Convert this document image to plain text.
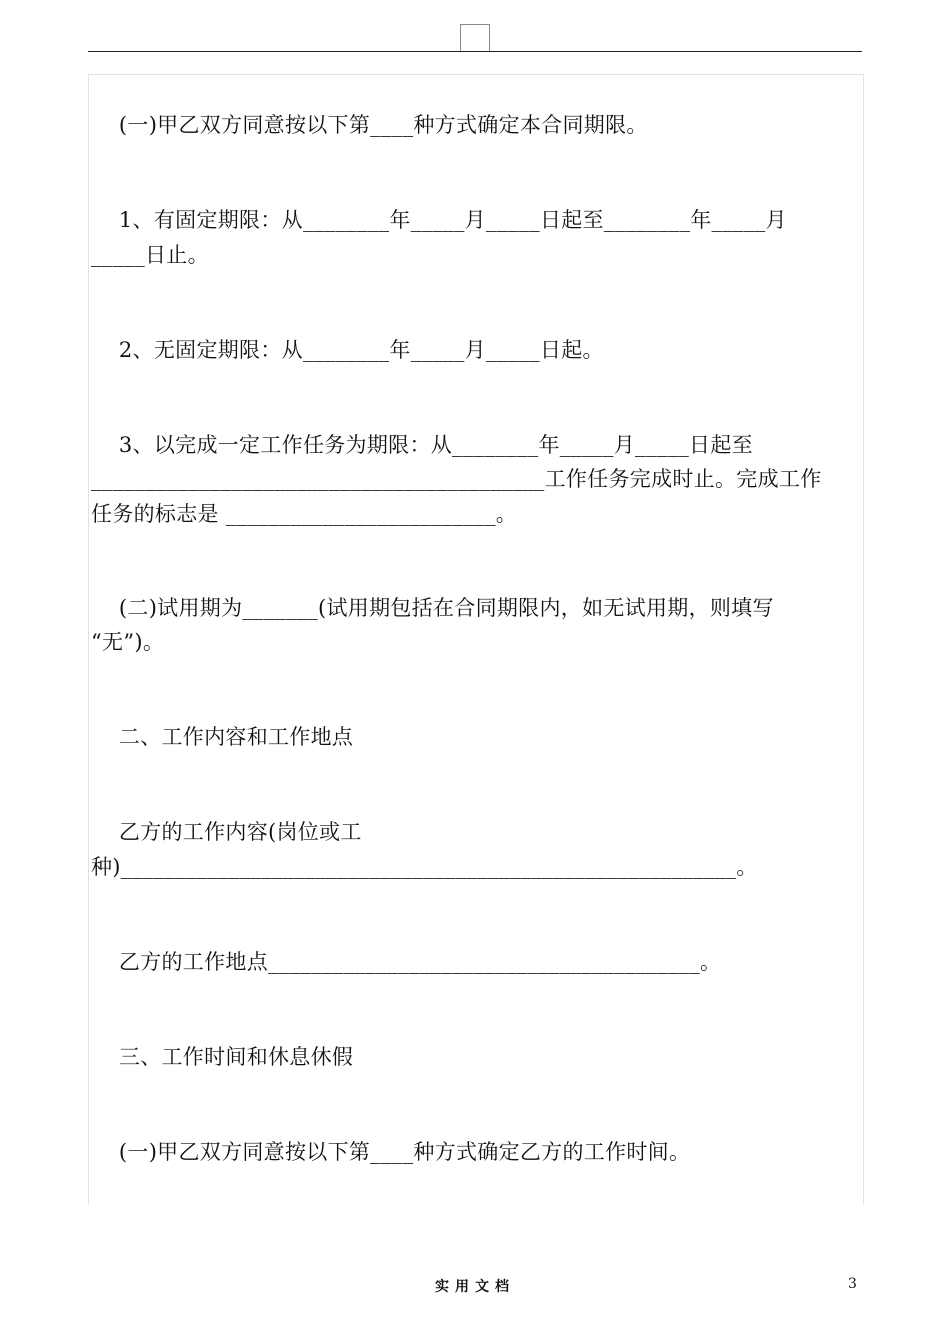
(一)甲乙双方同意按以下第____种方式确定本合同期限。
1、有固定期限：从________年_____月_____日起至________年_____月
_____日止。
2、无固定期限：从________年_____月_____日起。
3、以完成一定工作任务为期限：从________年_____月_____日起至
__________________________________________工作任务完成时止。完成工作
任务的标志是 _________________________。
(二)试用期为_______(试用期包括在合同期限内，如无试用期，则填写
“无”)。
二、工作内容和工作地点
乙方的工作内容(岗位或工
种)_________________________________________________________。
乙方的工作地点________________________________________。
三、工作时间和休息休假
(一)甲乙双方同意按以下第____种方式确定乙方的工作时间。
实用文档	3
